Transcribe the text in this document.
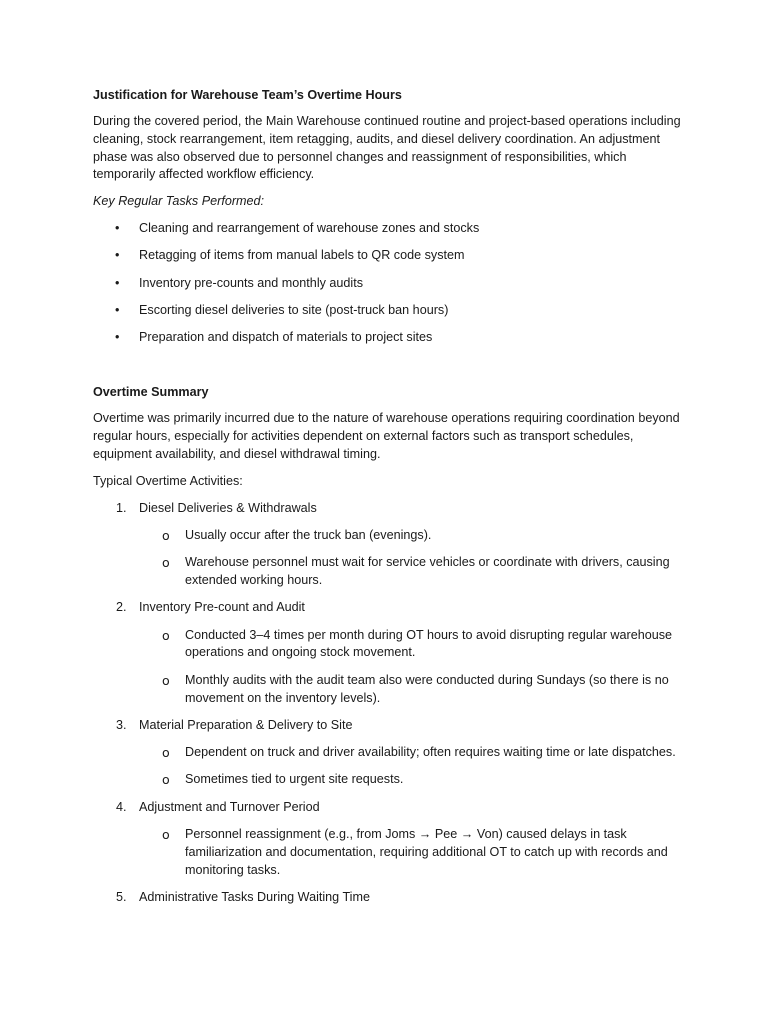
Justification for Warehouse Team’s Overtime Hours

During the covered period, the Main Warehouse continued routine and project-based operations including cleaning, stock rearrangement, item retagging, audits, and diesel delivery coordination. An adjustment phase was also observed due to personnel changes and reassignment of responsibilities, which temporarily affected workflow efficiency.

Key Regular Tasks Performed:

• Cleaning and rearrangement of warehouse zones and stocks
• Retagging of items from manual labels to QR code system
• Inventory pre-counts and monthly audits
• Escorting diesel deliveries to site (post-truck ban hours)
• Preparation and dispatch of materials to project sites
Overtime Summary

Overtime was primarily incurred due to the nature of warehouse operations requiring coordination beyond regular hours, especially for activities dependent on external factors such as transport schedules, equipment availability, and diesel withdrawal timing.

Typical Overtime Activities:

1. Diesel Deliveries & Withdrawals
o Usually occur after the truck ban (evenings).
o Warehouse personnel must wait for service vehicles or coordinate with drivers, causing extended working hours.
2. Inventory Pre-count and Audit
o Conducted 3–4 times per month during OT hours to avoid disrupting regular warehouse operations and ongoing stock movement.
o Monthly audits with the audit team also were conducted during Sundays (so there is no movement on the inventory levels).
3. Material Preparation & Delivery to Site
o Dependent on truck and driver availability; often requires waiting time or late dispatches.
o Sometimes tied to urgent site requests.
4. Adjustment and Turnover Period
o Personnel reassignment (e.g., from Joms → Pee → Von) caused delays in task familiarization and documentation, requiring additional OT to catch up with records and monitoring tasks.
5. Administrative Tasks During Waiting Time
